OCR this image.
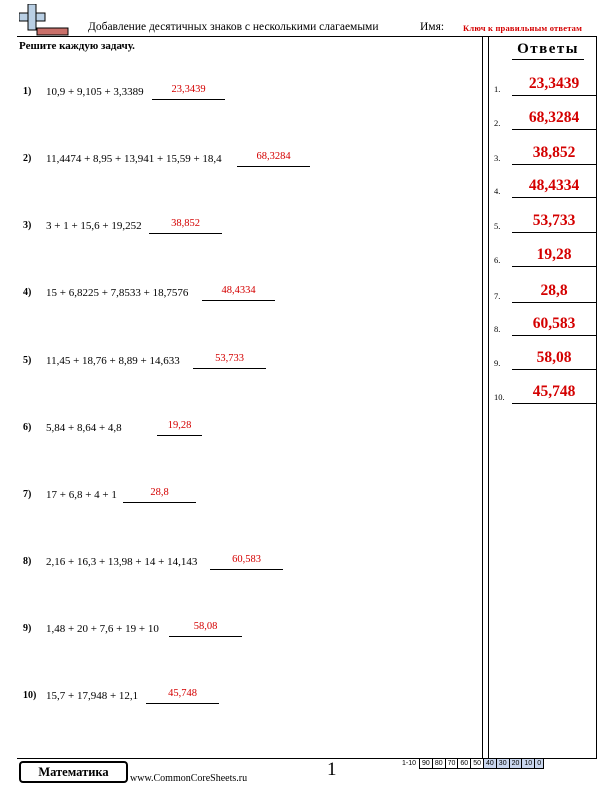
Добавление десятичных знаков с несколькими слагаемыми	Имя: Ключ к правильным ответам
Решите каждую задачу.	Ответы
1.	23,3439
2.	68,3284
3.	38,852
4.	48,4334
5.	53,733
6.	19,28
7.	28,8
8.	60,583
9.	58,08
10.	45,748
1) 10,9 + 9,105 + 3,3389	23,3439
2) 11,4474 + 8,95 + 13,941 + 15,59 + 18,4	68,3284
3) 3 + 1 + 15,6 + 19,252	38,852
4) 15 + 6,8225 + 7,8533 + 18,7576	48,4334
5) 11,45 + 18,76 + 8,89 + 14,633	53,733
6) 5,84 + 8,64 + 4,8	19,28
7) 17 + 6,8 + 4 + 1	28,8
8) 2,16 + 16,3 + 13,98 + 14 + 14,143	60,583
9) 1,48 + 20 + 7,6 + 19 + 10	58,08
10) 15,7 + 17,948 + 12,1	45,748
Математика	www.CommonCoreSheets.ru	1	1-10	90	80	70	60	50	40	30	20	10	0
